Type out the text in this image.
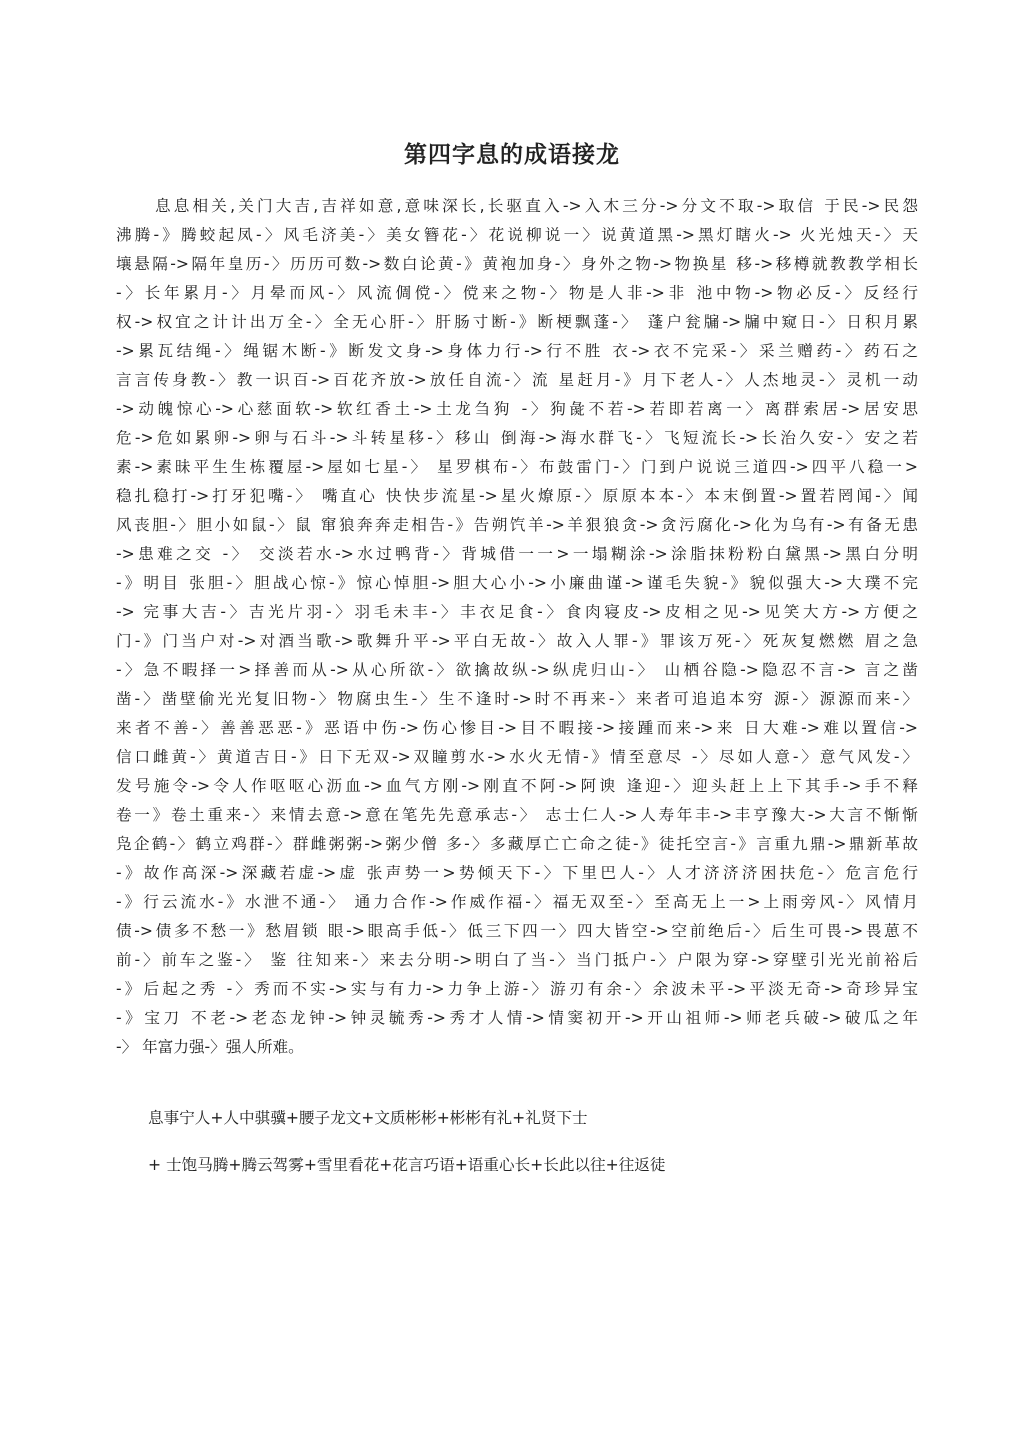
第四字息的成语接龙
息息相关,关门大吉,吉祥如意,意味深长,长驱直入->入木三分->分文不取->取信 于民->民怨
沸腾-》腾蛟起凤-〉风毛济美-〉美女簪花-〉花说柳说一〉说黄道黑->黑灯瞎火-> 火光烛天-〉天
壤悬隔->隔年皇历-〉历历可数->数白论黄-》黄袍加身-〉身外之物->物换星 移->移樽就教教学相长
-〉长年累月-〉月晕而风-〉风流倜傥-〉傥来之物-〉物是人非->非 池中物->物必反-〉反经行
权->权宜之计计出万全-〉全无心肝-〉肝肠寸断-》断梗飘蓬-〉 蓬户瓮牖->牖中窥日-〉日积月累
->累瓦结绳-〉绳锯木断-》断发文身->身体力行->行不胜 衣->衣不完采-〉采兰赠药-〉药石之
言言传身教-〉教一识百->百花齐放->放任自流-〉流 星赶月-》月下老人-〉人杰地灵-〉灵机一动
->动魄惊心->心慈面软->软红香土->土龙刍狗 -〉狗彘不若->若即若离一〉离群索居->居安思
危->危如累卵->卵与石斗->斗转星移-〉移山 倒海->海水群飞-〉飞短流长->长治久安-〉安之若
素->素昧平生生栋覆屋->屋如七星-〉 星罗棋布-〉布鼓雷门-〉门到户说说三道四->四平八稳一>
稳扎稳打->打牙犯嘴-〉 嘴直心 快快步流星->星火燎原-〉原原本本-〉本末倒置->置若罔闻-〉闻
风丧胆-〉胆小如鼠-〉鼠 窜狼奔奔走相告-》告朔饩羊->羊狠狼贪->贪污腐化->化为乌有->有备无患
->患难之交 -〉 交淡若水->水过鸭背-〉背城借一一>一塌糊涂->涂脂抹粉粉白黛黑->黑白分明
-》明目 张胆-〉胆战心惊-》惊心悼胆->胆大心小->小廉曲谨->谨毛失貌-》貌似强大->大璞不完
-> 完事大吉-〉吉光片羽-〉羽毛未丰-〉丰衣足食-〉食肉寝皮->皮相之见->见笑大方->方便之
门-》门当户对->对酒当歌->歌舞升平->平白无故-〉故入人罪-》罪该万死-〉死灰复燃燃 眉之急
-〉急不暇择一>择善而从->从心所欲-〉欲擒故纵->纵虎归山-〉 山栖谷隐->隐忍不言-> 言之凿
凿-〉凿壁偷光光复旧物-〉物腐虫生-〉生不逢时->时不再来-〉来者可追追本穷 源-〉源源而来-〉
来者不善-〉善善恶恶-》恶语中伤->伤心惨目->目不暇接->接踵而来->来 日大难->难以置信->
信口雌黄-〉黄道吉日-》日下无双->双瞳剪水->水火无情-》情至意尽 -〉尽如人意-〉意气风发-〉
发号施令->令人作呕呕心沥血->血气方刚->刚直不阿->阿谀 逢迎-〉迎头赶上上下其手->手不释
卷一》卷土重来-〉来情去意->意在笔先先意承志-〉 志士仁人->人寿年丰->丰亨豫大->大言不惭惭
凫企鹤-〉鹤立鸡群-〉群雌粥粥->粥少僧 多-〉多藏厚亡亡命之徒-》徒托空言-》言重九鼎->鼎新革故
-》故作高深->深藏若虚->虚 张声势一>势倾天下-〉下里巴人-〉人才济济济困扶危-〉危言危行
-》行云流水-》水泄不通-〉 通力合作->作威作福-〉福无双至-〉至高无上一>上雨旁风-〉风情月
债->债多不愁一》愁眉锁 眼->眼高手低-〉低三下四一〉四大皆空->空前绝后-〉后生可畏->畏葸不
前-〉前车之鉴-〉 鉴 往知来-〉来去分明->明白了当-〉当门抵户-〉户限为穿->穿壁引光光前裕后
-》后起之秀 -〉秀而不实->实与有力->力争上游-〉游刃有余-〉余波未平->平淡无奇->奇珍异宝
-》宝刀 不老->老态龙钟->钟灵毓秀->秀才人情->情窦初开->开山祖师->师老兵破->破瓜之年
-〉 年富力强-〉强人所难。
息事宁人+人中骐骥+腰子龙文+文质彬彬+彬彬有礼+礼贤下士
+ 士饱马腾+腾云驾雾+雪里看花+花言巧语+语重心长+长此以往+往返徒
